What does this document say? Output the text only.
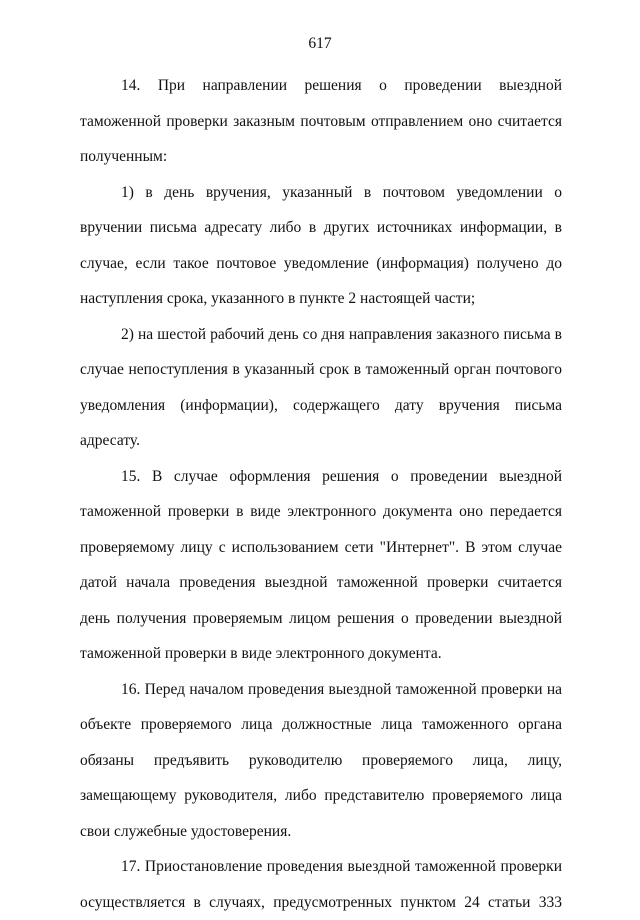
617

14. При направлении решения о проведении выездной таможенной проверки заказным почтовым отправлением оно считается полученным:

1) в день вручения, указанный в почтовом уведомлении о вручении письма адресату либо в других источниках информации, в случае, если такое почтовое уведомление (информация) получено до наступления срока, указанного в пункте 2 настоящей части;

2) на шестой рабочий день со дня направления заказного письма в случае непоступления в указанный срок в таможенный орган почтового уведомления (информации), содержащего дату вручения письма адресату.

15. В случае оформления решения о проведении выездной таможенной проверки в виде электронного документа оно передается проверяемому лицу с использованием сети "Интернет". В этом случае датой начала проведения выездной таможенной проверки считается день получения проверяемым лицом решения о проведении выездной таможенной проверки в виде электронного документа.

16. Перед началом проведения выездной таможенной проверки на объекте проверяемого лица должностные лица таможенного органа обязаны предъявить руководителю проверяемого лица, лицу, замещающему руководителя, либо представителю проверяемого лица свои служебные удостоверения.

17. Приостановление проведения выездной таможенной проверки осуществляется в случаях, предусмотренных пунктом 24 статьи 333
